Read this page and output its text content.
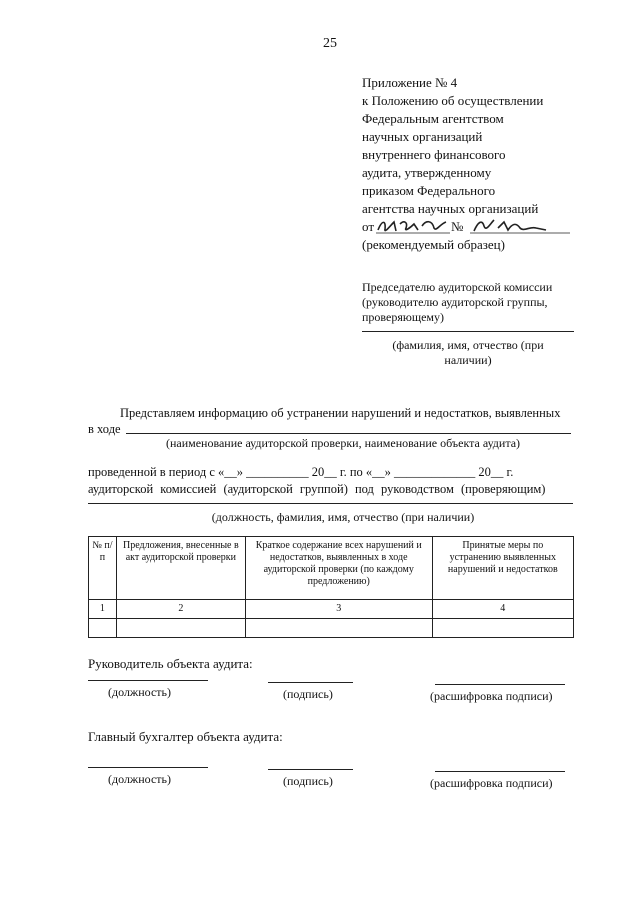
25
Приложение № 4
к Положению об осуществлении
Федеральным агентством
научных организаций
внутреннего финансового
аудита, утвержденному
приказом Федерального
агентства научных организаций
от	№
(рекомендуемый образец)
Председателю аудиторской комиссии
(руководителю аудиторской группы,
проверяющему)
(фамилия, имя, отчество (при
наличии)
Представляем информацию об устранении нарушений и недостатков, выявленных
в ходе
(наименование аудиторской проверки, наименование объекта аудита)
проведенной в период с «__» __________ 20__ г. по «__» _____________ 20__ г.
аудиторской комиссией (аудиторской группой) под руководством (проверяющим)
(должность, фамилия, имя, отчество (при наличии)
№ п/п	Предложения, внесенные в акт аудиторской проверки	Краткое содержание всех нарушений и недостатков, выявленных в ходе аудиторской проверки (по каждому предложению)	Принятые меры по устранению выявленных нарушений и недостатков
1	2	3	4

Руководитель объекта аудита:
(должность)	(подпись)	(расшифровка подписи)
Главный бухгалтер объекта аудита:
(должность)	(подпись)	(расшифровка подписи)
